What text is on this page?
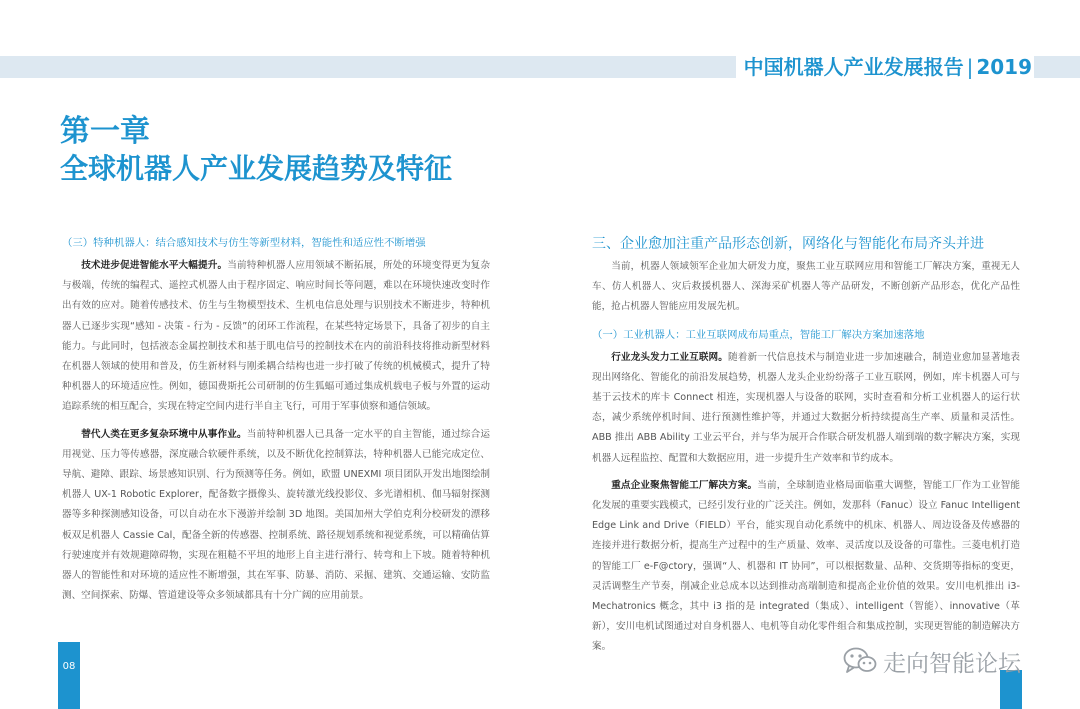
中国机器人产业发展报告 | 2019
第一章
全球机器人产业发展趋势及特征
（三）特种机器人：结合感知技术与仿生等新型材料，智能性和适应性不断增强

技术进步促进智能水平大幅提升。当前特种机器人应用领域不断拓展，所处的环境变得更为复杂与极端，传统的编程式、遥控式机器人由于程序固定、响应时间长等问题，难以在环境快速改变时作出有效的应对。随着传感技术、仿生与生物模型技术、生机电信息处理与识别技术不断进步，特种机器人已逐步实现“感知 - 决策 - 行为 - 反馈”的闭环工作流程，在某些特定场景下，具备了初步的自主能力。与此同时，包括液态金属控制技术和基于肌电信号的控制技术在内的前沿科技将推动新型材料在机器人领域的使用和普及，仿生新材料与刚柔耦合结构也进一步打破了传统的机械模式，提升了特种机器人的环境适应性。例如，德国费斯托公司研制的仿生狐蝠可通过集成机载电子板与外置的运动追踪系统的相互配合，实现在特定空间内进行半自主飞行，可用于军事侦察和通信领域。

替代人类在更多复杂环境中从事作业。当前特种机器人已具备一定水平的自主智能，通过综合运用视觉、压力等传感器，深度融合软硬件系统，以及不断优化控制算法，特种机器人已能完成定位、导航、避障、跟踪、场景感知识别、行为预测等任务。例如，欧盟 UNEXMI 项目团队开发出地图绘制机器人 UX-1 Robotic Explorer，配备数字摄像头、旋转激光线投影仪、多光谱相机、伽马辐射探测器等多种探测感知设备，可以自动在水下漫游并绘制 3D 地图。美国加州大学伯克利分校研发的漂移板双足机器人 Cassie Cal，配备全新的传感器、控制系统、路径规划系统和视觉系统，可以精确估算行驶速度并有效规避障碍物，实现在粗糙不平坦的地形上自主进行滑行、转弯和上下坡。随着特种机器人的智能性和对环境的适应性不断增强，其在军事、防暴、消防、采掘、建筑、交通运输、安防监测、空间探索、防爆、管道建设等众多领域都具有十分广阔的应用前景。

三、企业愈加注重产品形态创新，网络化与智能化布局齐头并进

当前，机器人领域领军企业加大研发力度，聚焦工业互联网应用和智能工厂解决方案，重视无人车、仿人机器人、灾后救援机器人、深海采矿机器人等产品研发，不断创新产品形态，优化产品性能，抢占机器人智能应用发展先机。

（一）工业机器人：工业互联网成布局重点，智能工厂解决方案加速落地

行业龙头发力工业互联网。随着新一代信息技术与制造业进一步加速融合，制造业愈加显著地表现出网络化、智能化的前沿发展趋势，机器人龙头企业纷纷落子工业互联网，例如，库卡机器人可与基于云技术的库卡 Connect 相连，实现机器人与设备的联网，实时查看和分析工业机器人的运行状态，减少系统停机时间、进行预测性维护等，并通过大数据分析持续提高生产率、质量和灵活性。ABB 推出 ABB Ability 工业云平台，并与华为展开合作联合研发机器人端到端的数字解决方案，实现机器人远程监控、配置和大数据应用，进一步提升生产效率和节约成本。

重点企业聚焦智能工厂解决方案。当前，全球制造业格局面临重大调整，智能工厂作为工业智能化发展的重要实践模式，已经引发行业的广泛关注。例如，发那科（Fanuc）设立 Fanuc Intelligent Edge Link and Drive（FIELD）平台，能实现自动化系统中的机床、机器人、周边设备及传感器的连接并进行数据分析，提高生产过程中的生产质量、效率、灵活度以及设备的可靠性。三菱电机打造的智能工厂 e-F@ctory，强调“人、机器和 IT 协同”，可以根据数量、品种、交货期等指标的变更，灵活调整生产节奏，削减企业总成本以达到推动高端制造和提高企业价值的效果。安川电机推出 i3-Mechatronics 概念，其中 i3 指的是 integrated（集成）、intelligent（智能）、innovative（革新），安川电机试图通过对自身机器人、电机等自动化零件组合和集成控制，实现更智能的制造解决方案。

08	走向智能论坛
